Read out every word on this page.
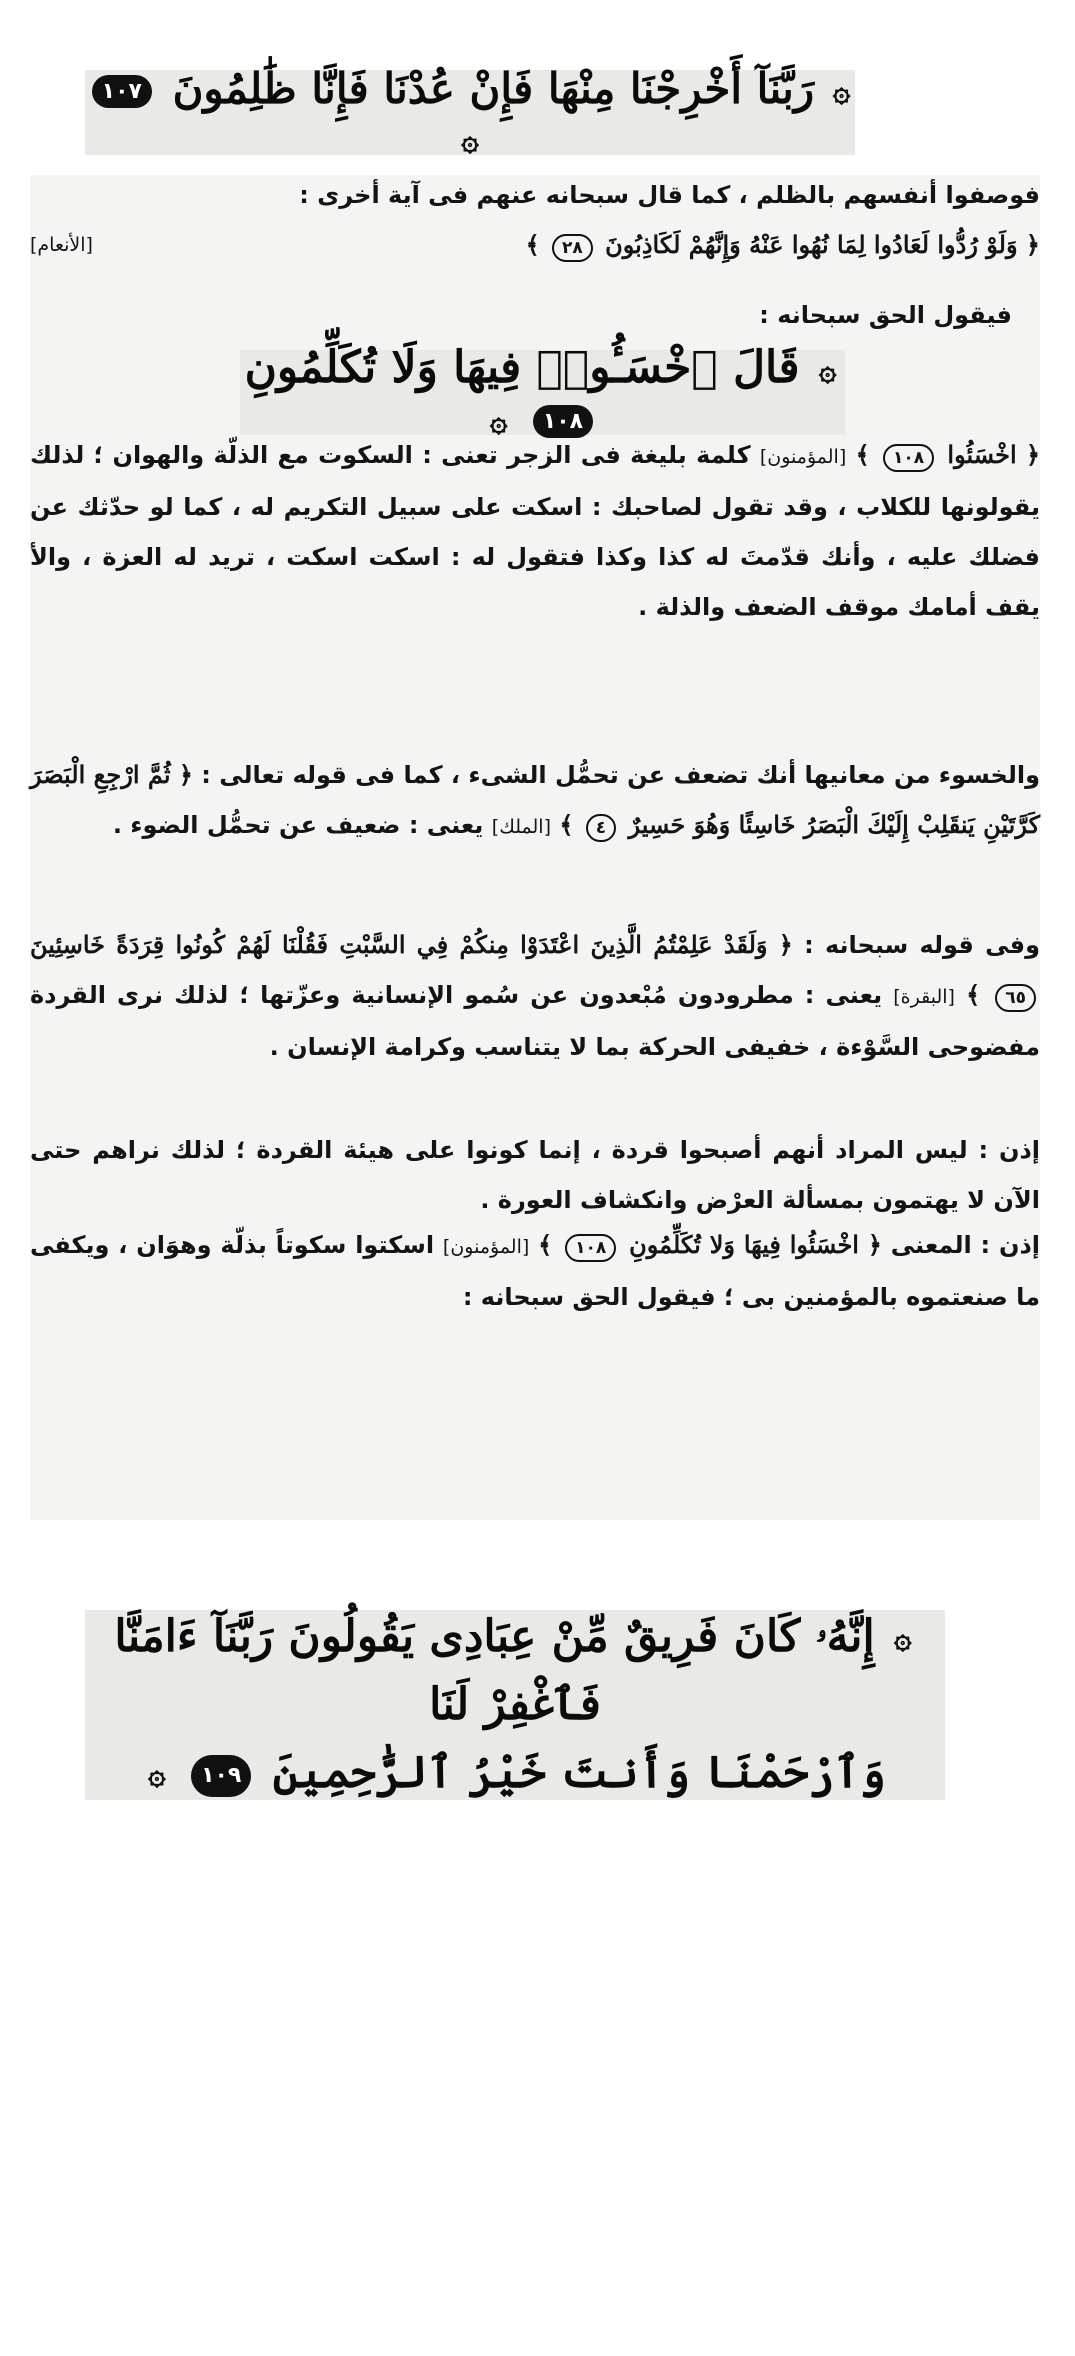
۞ رَبَّنَآ أَخْرِجْنَا مِنْهَا فَإِنْ عُدْنَا فَإِنَّا ظَٰلِمُونَ ١٠٧ ۞
فوصفوا أنفسهم بالظلم ، كما قال سبحانه عنهم فى آية أخرى :
﴿ وَلَوْ رُدُّوا لَعَادُوا لِمَا نُهُوا عَنْهُ وَإِنَّهُمْ لَكَاذِبُونَ ٢٨ ﴾
[الأنعام]
فيقول الحق سبحانه :
۞ قَالَ ٱخْسَـُٔوا۟ فِيهَا وَلَا تُكَلِّمُونِ ١٠٨ ۞
﴿ اخْسَئُوا ١٠٨ ﴾ [المؤمنون] كلمة بليغة فى الزجر تعنى : السكوت مع الذلّة والهوان ؛ لذلك يقولونها للكلاب ، وقد تقول لصاحبك : اسكت على سبيل التكريم له ، كما لو حدّثك عن فضلك عليه ، وأنك قدّمتَ له كذا وكذا فتقول له : اسكت اسكت ، تريد له العزة ، والأ يقف أمامك موقف الضعف والذلة .
والخسوء من معانيها أنك تضعف عن تحمُّل الشىء ، كما فى قوله تعالى : ﴿ ثُمَّ ارْجِعِ الْبَصَرَ كَرَّتَيْنِ يَنقَلِبْ إِلَيْكَ الْبَصَرُ خَاسِئًا وَهُوَ حَسِيرٌ ٤ ﴾ [الملك] يعنى : ضعيف عن تحمُّل الضوء .
وفى قوله سبحانه : ﴿ وَلَقَدْ عَلِمْتُمُ الَّذِينَ اعْتَدَوْا مِنكُمْ فِي السَّبْتِ فَقُلْنَا لَهُمْ كُونُوا قِرَدَةً خَاسِئِينَ ٦٥ ﴾ [البقرة] يعنى : مطرودون مُبْعدون عن سُمو الإنسانية وعزّتها ؛ لذلك نرى القردة مفضوحى السَّوْءة ، خفيفى الحركة بما لا يتناسب وكرامة الإنسان .
إذن : ليس المراد أنهم أصبحوا قردة ، إنما كونوا على هيئة القردة ؛ لذلك نراهم حتى الآن لا يهتمون بمسألة العرْض وانكشاف العورة .
إذن : المعنى ﴿ اخْسَئُوا فِيهَا وَلا تُكَلِّمُونِ ١٠٨ ﴾ [المؤمنون] اسكتوا سكوتاً بذلّة وهوَان ، ويكفى ما صنعتموه بالمؤمنين بى ؛ فيقول الحق سبحانه :
۞ إِنَّهُۥ كَانَ فَرِيقٌ مِّنْ عِبَادِى يَقُولُونَ رَبَّنَآ ءَامَنَّا فَٱغْفِرْ لَنَا
وَٱرْحَمْنَا وَأَنتَ خَيْرُ ٱلرَّٰحِمِينَ ١٠٩ ۞
